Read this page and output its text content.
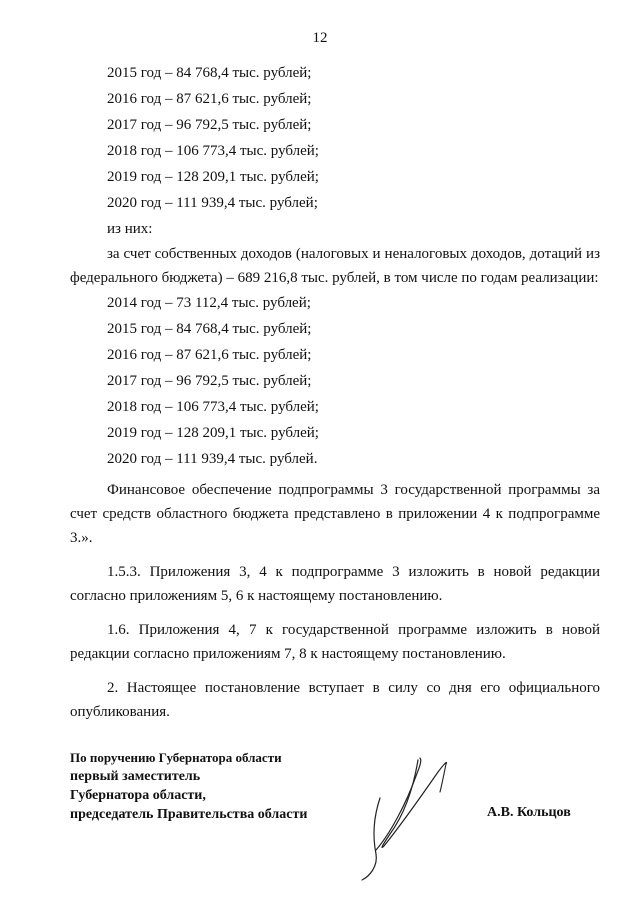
12
2015 год – 84 768,4 тыс. рублей;
2016 год – 87 621,6 тыс. рублей;
2017 год – 96 792,5 тыс. рублей;
2018 год – 106 773,4 тыс. рублей;
2019 год – 128 209,1 тыс. рублей;
2020 год – 111 939,4 тыс. рублей;
из них:
за счет собственных доходов (налоговых и неналоговых доходов, дотаций из федерального бюджета) – 689 216,8 тыс. рублей, в том числе по годам реализации:
2014 год – 73 112,4 тыс. рублей;
2015 год – 84 768,4 тыс. рублей;
2016 год – 87 621,6 тыс. рублей;
2017 год – 96 792,5 тыс. рублей;
2018 год – 106 773,4 тыс. рублей;
2019 год – 128 209,1 тыс. рублей;
2020 год – 111 939,4 тыс. рублей.
Финансовое обеспечение подпрограммы 3 государственной программы за счет средств областного бюджета представлено в приложении 4 к подпрограмме 3.».
1.5.3. Приложения 3, 4 к подпрограмме 3 изложить в новой редакции согласно приложениям 5, 6 к настоящему постановлению.
1.6. Приложения 4, 7 к государственной программе изложить в новой редакции согласно приложениям 7, 8 к настоящему постановлению.
2. Настоящее постановление вступает в силу со дня его официального опубликования.
По поручению Губернатора области
первый заместитель
Губернатора области,
председатель Правительства области	А.В. Кольцов
